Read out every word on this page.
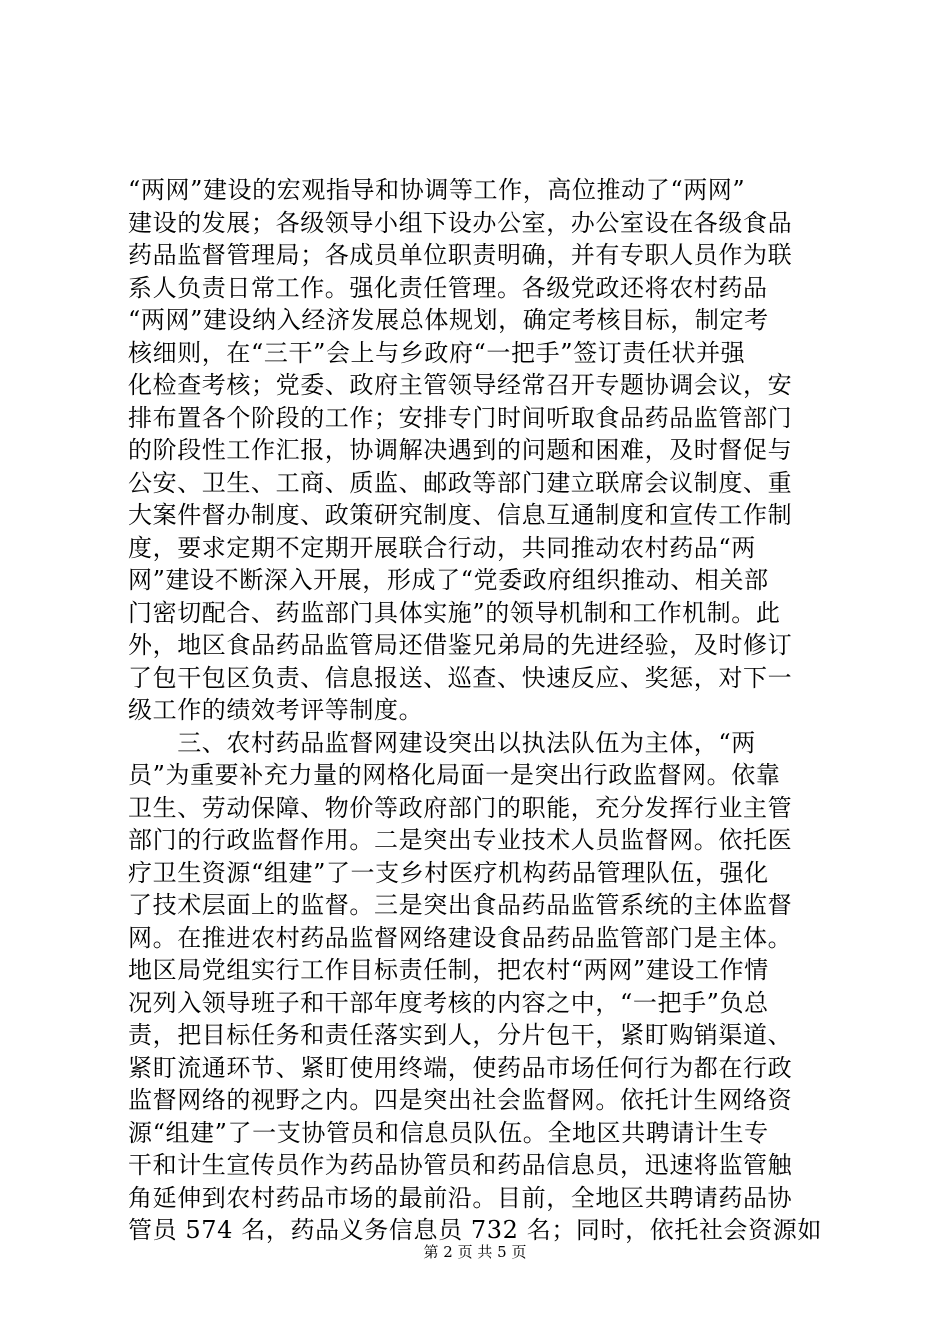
“两网”建设的宏观指导和协调等工作，高位推动了“两网”
建设的发展；各级领导小组下设办公室，办公室设在各级食品
药品监督管理局；各成员单位职责明确，并有专职人员作为联
系人负责日常工作。强化责任管理。各级党政还将农村药品
“两网”建设纳入经济发展总体规划，确定考核目标，制定考
核细则，在“三干”会上与乡政府“一把手”签订责任状并强
化检查考核；党委、政府主管领导经常召开专题协调会议，安
排布置各个阶段的工作；安排专门时间听取食品药品监管部门
的阶段性工作汇报，协调解决遇到的问题和困难，及时督促与
公安、卫生、工商、质监、邮政等部门建立联席会议制度、重
大案件督办制度、政策研究制度、信息互通制度和宣传工作制
度，要求定期不定期开展联合行动，共同推动农村药品“两
网”建设不断深入开展，形成了“党委政府组织推动、相关部
门密切配合、药监部门具体实施”的领导机制和工作机制。此
外，地区食品药品监管局还借鉴兄弟局的先进经验，及时修订
了包干包区负责、信息报送、巡查、快速反应、奖惩，对下一
级工作的绩效考评等制度。
　　三、农村药品监督网建设突出以执法队伍为主体，“两
员”为重要补充力量的网格化局面一是突出行政监督网。依靠
卫生、劳动保障、物价等政府部门的职能，充分发挥行业主管
部门的行政监督作用。二是突出专业技术人员监督网。依托医
疗卫生资源“组建”了一支乡村医疗机构药品管理队伍，强化
了技术层面上的监督。三是突出食品药品监管系统的主体监督
网。在推进农村药品监督网络建设食品药品监管部门是主体。
地区局党组实行工作目标责任制，把农村“两网”建设工作情
况列入领导班子和干部年度考核的内容之中，“一把手”负总
责，把目标任务和责任落实到人，分片包干，紧盯购销渠道、
紧盯流通环节、紧盯使用终端，使药品市场任何行为都在行政
监督网络的视野之内。四是突出社会监督网。依托计生网络资
源“组建”了一支协管员和信息员队伍。全地区共聘请计生专
干和计生宣传员作为药品协管员和药品信息员，迅速将监管触
角延伸到农村药品市场的最前沿。目前，全地区共聘请药品协
管员 574 名，药品义务信息员 732 名；同时，依托社会资源如
第 2 页 共 5 页
